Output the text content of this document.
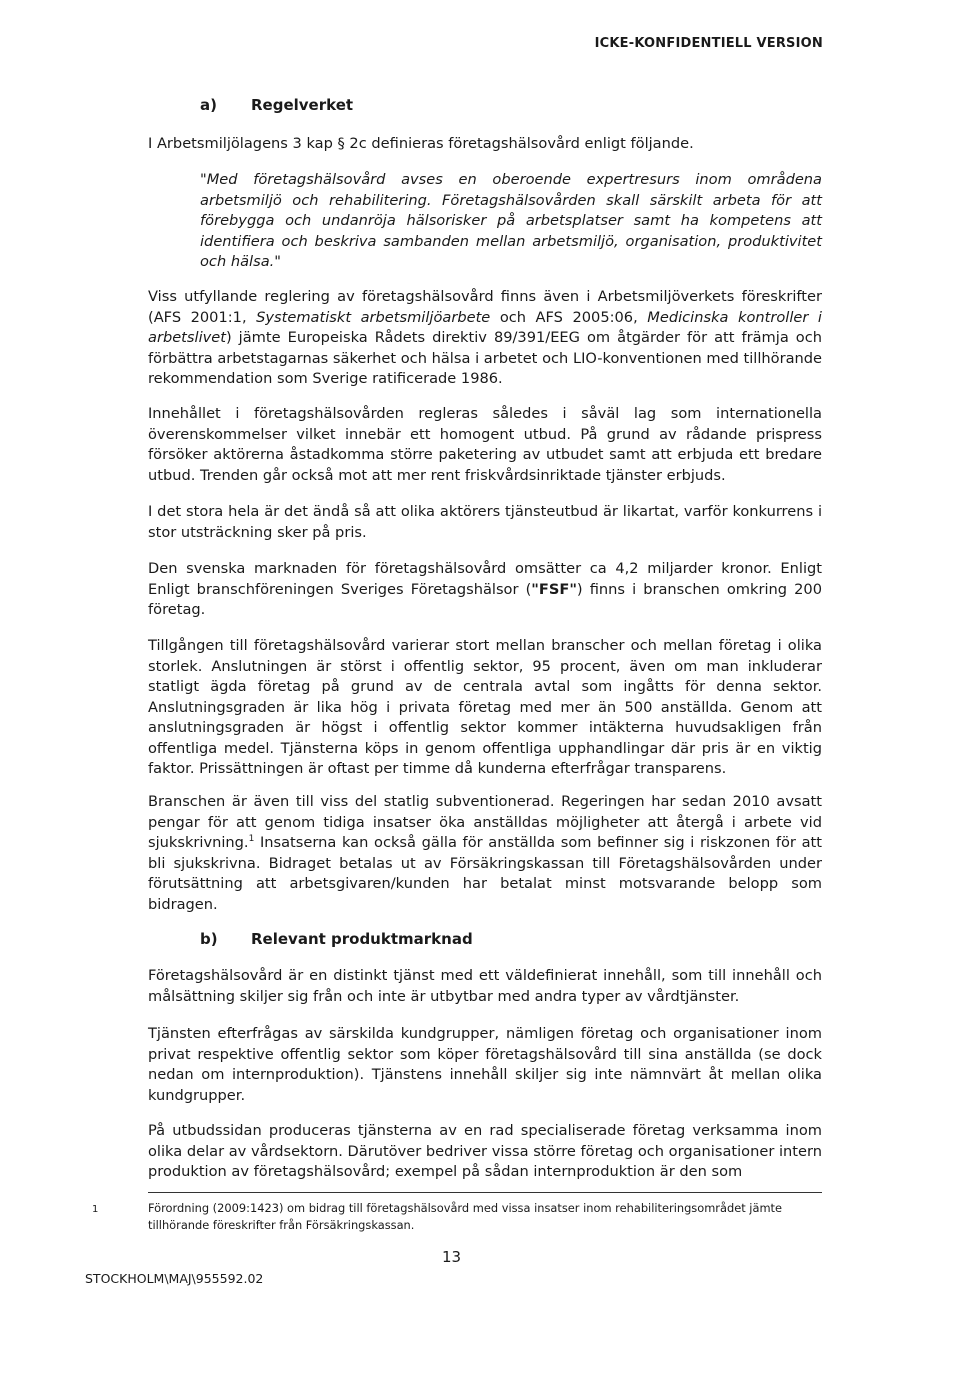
ICKE-KONFIDENTIELL VERSION
a) Regelverket

I Arbetsmiljölagens 3 kap § 2c definieras företagshälsovård enligt följande.

"Med företagshälsovård avses en oberoende expertresurs inom områdena arbetsmiljö och rehabilitering. Företagshälsovården skall särskilt arbeta för att förebygga och undanröja hälsorisker på arbetsplatser samt ha kompetens att identifiera och beskriva sambanden mellan arbetsmiljö, organisation, produktivitet och hälsa."

Viss utfyllande reglering av företagshälsovård finns även i Arbetsmiljöverkets föreskrifter (AFS 2001:1, Systematiskt arbetsmiljöarbete och AFS 2005:06, Medicinska kontroller i arbetslivet) jämte Europeiska Rådets direktiv 89/391/EEG om åtgärder för att främja och förbättra arbetstagarnas säkerhet och hälsa i arbetet och LIO-konventionen med tillhörande rekommendation som Sverige ratificerade 1986.

Innehållet i företagshälsovården regleras således i såväl lag som internationella överenskommelser vilket innebär ett homogent utbud. På grund av rådande prispress försöker aktörerna åstadkomma större paketering av utbudet samt att erbjuda ett bredare utbud. Trenden går också mot att mer rent friskvårdsinriktade tjänster erbjuds.

I det stora hela är det ändå så att olika aktörers tjänsteutbud är likartat, varför konkurrens i stor utsträckning sker på pris.

Den svenska marknaden för företagshälsovård omsätter ca 4,2 miljarder kronor. Enligt Enligt branschföreningen Sveriges Företagshälsor ("FSF") finns i branschen omkring 200 företag.

Tillgången till företagshälsovård varierar stort mellan branscher och mellan företag i olika storlek. Anslutningen är störst i offentlig sektor, 95 procent, även om man inkluderar statligt ägda företag på grund av de centrala avtal som ingåtts för denna sektor. Anslutningsgraden är lika hög i privata företag med mer än 500 anställda. Genom att anslutningsgraden är högst i offentlig sektor kommer intäkterna huvudsakligen från offentliga medel. Tjänsterna köps in genom offentliga upphandlingar där pris är en viktig faktor. Prissättningen är oftast per timme då kunderna efterfrågar transparens.

Branschen är även till viss del statlig subventionerad. Regeringen har sedan 2010 avsatt pengar för att genom tidiga insatser öka anställdas möjligheter att återgå i arbete vid sjukskrivning.$^1$ Insatserna kan också gälla för anställda som befinner sig i riskzonen för att bli sjukskrivna. Bidraget betalas ut av Försäkringskassan till Företagshälsovården under förutsättning att arbetsgivaren/kunden har betalat minst motsvarande belopp som bidragen.

b) Relevant produktmarknad

Företagshälsovård är en distinkt tjänst med ett väldefinierat innehåll, som till innehåll och målsättning skiljer sig från och inte är utbytbar med andra typer av vårdtjänster.

Tjänsten efterfrågas av särskilda kundgrupper, nämligen företag och organisationer inom privat respektive offentlig sektor som köper företagshälsovård till sina anställda (se dock nedan om internproduktion). Tjänstens innehåll skiljer sig inte nämnvärt åt mellan olika kundgrupper.

På utbudssidan produceras tjänsterna av en rad specialiserade företag verksamma inom olika delar av vårdsektorn. Därutöver bedriver vissa större företag och organisationer intern produktion av företagshälsovård; exempel på sådan internproduktion är den som

1	Förordning (2009:1423) om bidrag till företagshälsovård med vissa insatser inom rehabiliteringsområdet jämte tillhörande föreskrifter från Försäkringskassan.

13
STOCKHOLM\MAJ\955592.02
